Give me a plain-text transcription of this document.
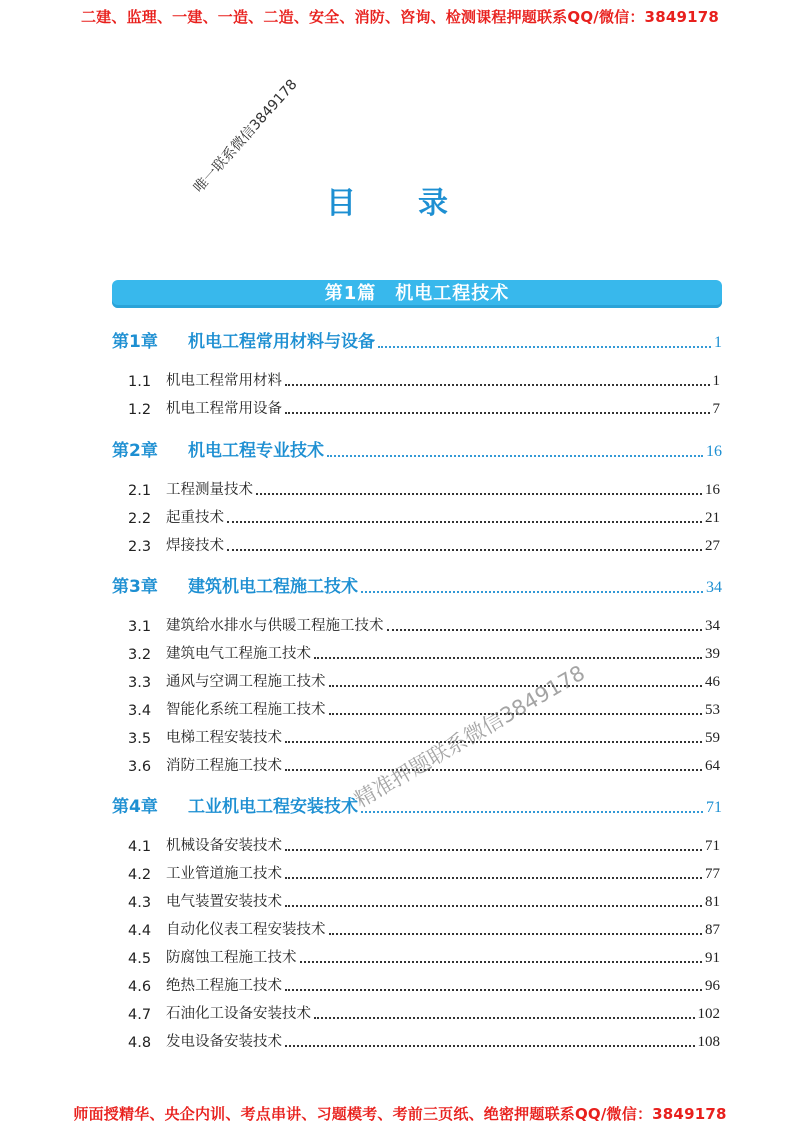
二建、监理、一建、一造、二造、安全、消防、咨询、检测课程押题联系QQ/微信：3849178
唯一联系微信3849178
目录
第1篇　机电工程技术
第1章	机电工程常用材料与设备	1
1.1	机电工程常用材料	1
1.2	机电工程常用设备	7
第2章	机电工程专业技术	16
2.1	工程测量技术	16
2.2	起重技术	21
2.3	焊接技术	27
第3章	建筑机电工程施工技术	34
3.1	建筑给水排水与供暖工程施工技术	34
3.2	建筑电气工程施工技术	39
3.3	通风与空调工程施工技术	46
3.4	智能化系统工程施工技术	53
3.5	电梯工程安装技术	59
3.6	消防工程施工技术	64
第4章	工业机电工程安装技术	71
4.1	机械设备安装技术	71
4.2	工业管道施工技术	77
4.3	电气装置安装技术	81
4.4	自动化仪表工程安装技术	87
4.5	防腐蚀工程施工技术	91
4.6	绝热工程施工技术	96
4.7	石油化工设备安装技术	102
4.8	发电设备安装技术	108
精准押题联系微信3849178
师面授精华、央企内训、考点串讲、习题模考、考前三页纸、绝密押题联系QQ/微信：3849178
